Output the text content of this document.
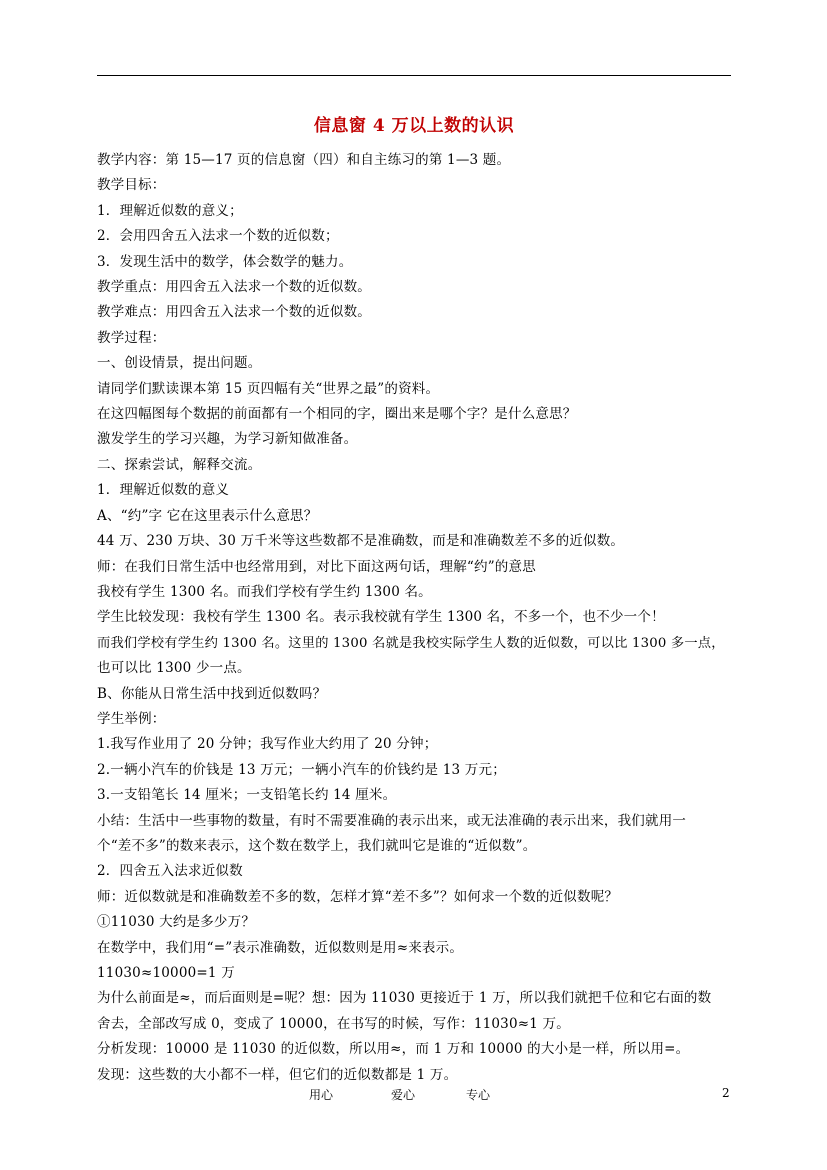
信息窗 4 万以上数的认识
教学内容：第 15—17 页的信息窗（四）和自主练习的第 1—3 题。
教学目标：
1．理解近似数的意义；
2．会用四舍五入法求一个数的近似数；
3．发现生活中的数学，体会数学的魅力。
教学重点：用四舍五入法求一个数的近似数。
教学难点：用四舍五入法求一个数的近似数。
教学过程：
一、创设情景，提出问题。
请同学们默读课本第 15 页四幅有关“世界之最”的资料。
在这四幅图每个数据的前面都有一个相同的字，圈出来是哪个字？是什么意思？
激发学生的学习兴趣，为学习新知做准备。
二、探索尝试，解释交流。
1．理解近似数的意义
A、“约”字 它在这里表示什么意思？
44 万、230 万块、30 万千米等这些数都不是准确数，而是和准确数差不多的近似数。
师：在我们日常生活中也经常用到，对比下面这两句话，理解“约”的意思
我校有学生 1300 名。而我们学校有学生约 1300 名。
学生比较发现：我校有学生 1300 名。表示我校就有学生 1300 名，不多一个，也不少一个！
而我们学校有学生约 1300 名。这里的 1300 名就是我校实际学生人数的近似数，可以比 1300 多一点，
也可以比 1300 少一点。
B、你能从日常生活中找到近似数吗？
学生举例：
1.我写作业用了 20 分钟；我写作业大约用了 20 分钟；
2.一辆小汽车的价钱是 13 万元；一辆小汽车的价钱约是 13 万元；
3.一支铅笔长 14 厘米；一支铅笔长约 14 厘米。
小结：生活中一些事物的数量，有时不需要准确的表示出来，或无法准确的表示出来，我们就用一
个“差不多”的数来表示，这个数在数学上，我们就叫它是谁的“近似数”。
2．四舍五入法求近似数
师：近似数就是和准确数差不多的数，怎样才算“差不多”？如何求一个数的近似数呢？
①11030 大约是多少万？
在数学中，我们用“=”表示准确数，近似数则是用≈来表示。
11030≈10000=1 万
为什么前面是≈，而后面则是=呢？想：因为 11030 更接近于 1 万，所以我们就把千位和它右面的数
舍去，全部改写成 0，变成了 10000，在书写的时候，写作：11030≈1 万。
分析发现：10000 是 11030 的近似数，所以用≈，而 1 万和 10000 的大小是一样，所以用=。
发现：这些数的大小都不一样，但它们的近似数都是 1 万。
用心	爱心	专心	2
